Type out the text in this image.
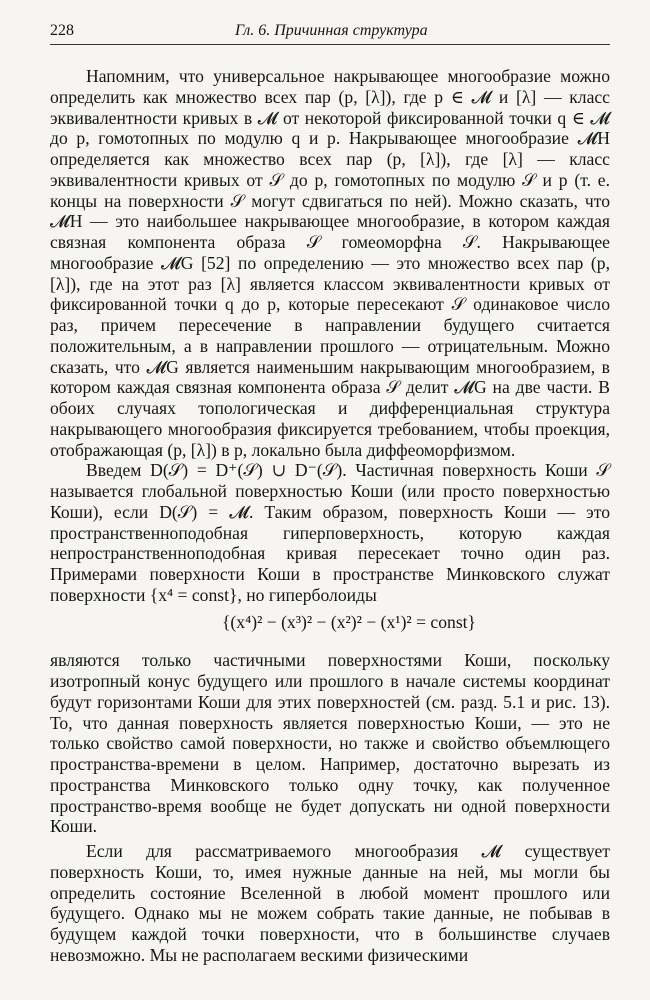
228	Гл. 6. Причинная структура

Напомним, что универсальное накрывающее многообразие можно определить как множество всех пар (p, [λ]), где p ∈ 𝓜 и [λ] — класс эквивалентности кривых в 𝓜 от некоторой фиксированной точки q ∈ 𝓜 до p, гомотопных по модулю q и p. Накрывающее многообразие 𝓜H определяется как множество всех пар (p, [λ]), где [λ] — класс эквивалентности кривых от 𝒮 до p, гомотопных по модулю 𝒮 и p (т. е. концы на поверхности 𝒮 могут сдвигаться по ней). Можно сказать, что 𝓜H — это наибольшее накрывающее многообразие, в котором каждая связная компонента образа 𝒮 гомеоморфна 𝒮. Накрывающее многообразие 𝓜G [52] по определению — это множество всех пар (p, [λ]), где на этот раз [λ] является классом эквивалентности кривых от фиксированной точки q до p, которые пересекают 𝒮 одинаковое число раз, причем пересечение в направлении будущего считается положительным, а в направлении прошлого — отрицательным. Можно сказать, что 𝓜G является наименьшим накрывающим многообразием, в котором каждая связная компонента образа 𝒮 делит 𝓜G на две части. В обоих случаях топологическая и дифференциальная структура накрывающего многообразия фиксируется требованием, чтобы проекция, отображающая (p, [λ]) в p, локально была диффеоморфизмом.

Введем D(𝒮) = D⁺(𝒮) ∪ D⁻(𝒮). Частичная поверхность Коши 𝒮 называется глобальной поверхностью Коши (или просто поверхностью Коши), если D(𝒮) = 𝓜. Таким образом, поверхность Коши — это пространственноподобная гиперповерхность, которую каждая непространственноподобная кривая пересекает точно один раз. Примерами поверхности Коши в пространстве Минковского служат поверхности {x⁴ = const}, но гиперболоиды

{(x⁴)² − (x³)² − (x²)² − (x¹)² = const}

являются только частичными поверхностями Коши, поскольку изотропный конус будущего или прошлого в начале системы координат будут горизонтами Коши для этих поверхностей (см. разд. 5.1 и рис. 13). То, что данная поверхность является поверхностью Коши, — это не только свойство самой поверхности, но также и свойство объемлющего пространства-времени в целом. Например, достаточно вырезать из пространства Минковского только одну точку, как полученное пространство-время вообще не будет допускать ни одной поверхности Коши.

Если для рассматриваемого многообразия 𝓜 существует поверхность Коши, то, имея нужные данные на ней, мы могли бы определить состояние Вселенной в любой момент прошлого или будущего. Однако мы не можем собрать такие данные, не побывав в будущем каждой точки поверхности, что в большинстве случаев невозможно. Мы не располагаем вескими физическими
